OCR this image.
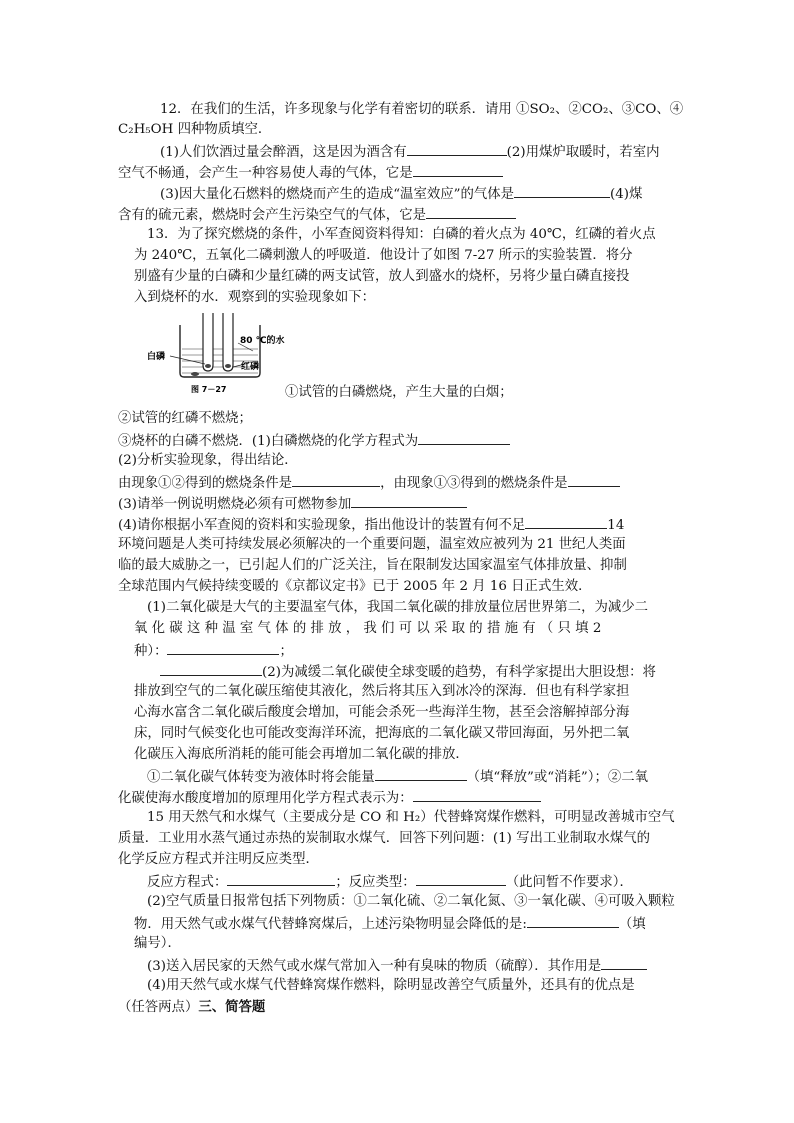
12．在我们的生活，许多现象与化学有着密切的联系．请用 ①SO₂、②CO₂、③CO、④
C₂H₅OH 四种物质填空．
(1)人们饮酒过量会醉酒，这是因为酒含有	(2)用煤炉取暖时，若室内
空气不畅通，会产生一种容易使人毒的气体，它是
(3)因大量化石燃料的燃烧而产生的造成“温室效应”的气体是	(4)煤
含有的硫元素，燃烧时会产生污染空气的气体，它是
13．为了探究燃烧的条件，小军查阅资料得知：白磷的着火点为 40℃，红磷的着火点
为 240℃，五氧化二磷刺激人的呼吸道．他设计了如图 7-27 所示的实验装置．将分
别盛有少量的白磷和少量红磷的两支试管，放人到盛水的烧杯，另将少量白磷直接投
入到烧杯的水．观察到的实验现象如下：
白磷
80 ℃的水
红磷
图 7－27	①试管的白磷燃烧，产生大量的白烟；
②试管的红磷不燃烧；
③烧杯的白磷不燃烧．(1)白磷燃烧的化学方程式为
(2)分析实验现象，得出结论．
由现象①②得到的燃烧条件是	，由现象①③得到的燃烧条件是
(3)请举一例说明燃烧必须有可燃物参加
(4)请你根据小军查阅的资料和实验现象，指出他设计的装置有何不足	14
环境问题是人类可持续发展必须解决的一个重要问题，温室效应被列为 21 世纪人类面
临的最大威胁之一，已引起人们的广泛关注，旨在限制发达国家温室气体排放量、抑制
全球范围内气候持续变暖的《京都议定书》已于 2005 年 2 月 16 日正式生效．
(1)二氧化碳是大气的主要温室气体，我国二氧化碳的排放量位居世界第二，为减少二
氧 化 碳 这 种 温 室 气 体 的 排 放 ， 我 们 可 以 采 取 的 措 施 有 （ 只 填 2
种）：	；
(2)为减缓二氧化碳使全球变暖的趋势，有科学家提出大胆设想：将
排放到空气的二氧化碳压缩使其液化，然后将其压入到冰冷的深海．但也有科学家担
心海水富含二氧化碳后酸度会增加，可能会杀死一些海洋生物，甚至会溶解掉部分海
床，同时气候变化也可能改变海洋环流，把海底的二氧化碳又带回海面，另外把二氧
化碳压入海底所消耗的能可能会再增加二氧化碳的排放．
①二氧化碳气体转变为液体时将会能量	（填“释放”或“消耗”）；②二氧
化碳使海水酸度增加的原理用化学方程式表示为：
15 用天然气和水煤气（主要成分是 CO 和 H₂）代替蜂窝煤作燃料，可明显改善城市空气
质量．工业用水蒸气通过赤热的炭制取水煤气．回答下列问题：(1) 写出工业制取水煤气的
化学反应方程式并注明反应类型．
反应方程式：	；反应类型：	（此问暂不作要求）．
(2)空气质量日报常包括下列物质：①二氧化硫、②二氧化氮、③一氧化碳、④可吸入颗粒
物．用天然气或水煤气代替蜂窝煤后，上述污染物明显会降低的是:	（填
编号）．
(3)送入居民家的天然气或水煤气常加入一种有臭味的物质（硫醇）．其作用是
(4)用天然气或水煤气代替蜂窝煤作燃料，除明显改善空气质量外，还具有的优点是
（任答两点）三、简答题
